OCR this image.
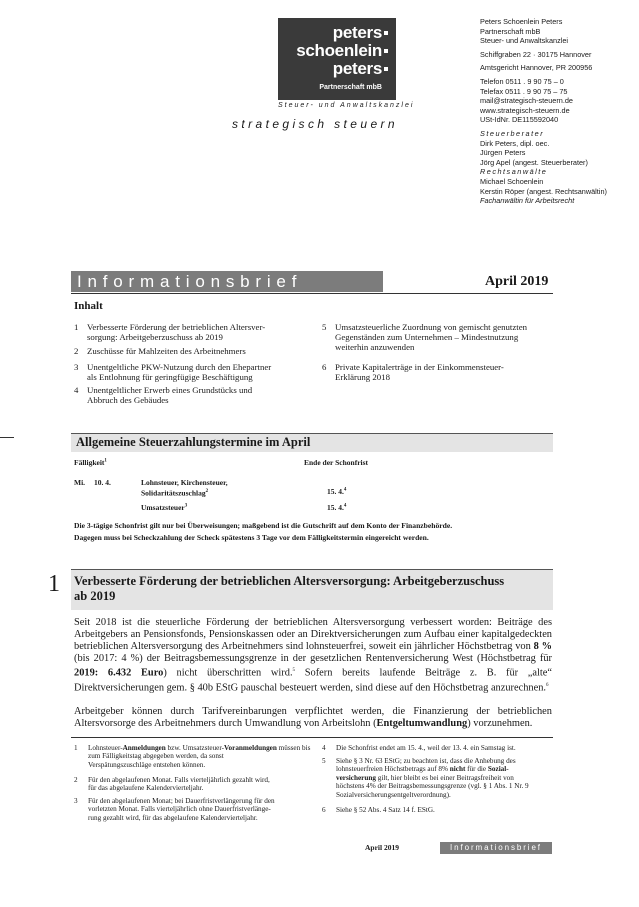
peters
schoenlein
peters
Partnerschaft mbB
Steuer- und Anwaltskanzlei
strategisch steuern
Peters Schoenlein Peters
Partnerschaft mbB
Steuer- und Anwaltskanzlei
Schiffgraben 22 · 30175 Hannover
Amtsgericht Hannover, PR 200956
Telefon 0511 . 9 90 75 – 0
Telefax 0511 . 9 90 75 – 75
mail@strategisch-steuern.de
www.strategisch-steuern.de
USt-IdNr. DE115592040
Steuerberater
Dirk Peters, dipl. oec.
Jürgen Peters
Jörg Apel (angest. Steuerberater)
Rechtsanwälte
Michael Schoenlein
Kerstin Röper (angest. Rechtsanwältin)
Fachanwältin für Arbeitsrecht
Informationsbrief	April 2019
Inhalt
1 Verbesserte Förderung der betrieblichen Altersver-
sorgung: Arbeitgeberzuschuss ab 2019
2 Zuschüsse für Mahlzeiten des Arbeitnehmers
3 Unentgeltliche PKW-Nutzung durch den Ehepartner
als Entlohnung für geringfügige Beschäftigung
4 Unentgeltlicher Erwerb eines Grundstücks und
Abbruch des Gebäudes
5 Umsatzsteuerliche Zuordnung von gemischt genutzten
Gegenständen zum Unternehmen – Mindestnutzung
weiterhin anzuwenden
6 Private Kapitalerträge in der Einkommensteuer-
Erklärung 2018
Allgemeine Steuerzahlungstermine im April
Fälligkeit$^1$	Ende der Schonfrist
Mi. 10. 4.	Lohnsteuer, Kirchensteuer,
Solidaritätszuschlag$^2$	15. 4.$^4$
Umsatzsteuer$^3$	15. 4.$^4$
Die 3-tägige Schonfrist gilt nur bei Überweisungen; maßgebend ist die Gutschrift auf dem Konto der Finanzbehörde.
Dagegen muss bei Scheckzahlung der Scheck spätestens 3 Tage vor dem Fälligkeitstermin eingereicht werden.
1 Verbesserte Förderung der betrieblichen Altersversorgung: Arbeitgeberzuschuss
ab 2019
Seit 2018 ist die steuerliche Förderung der betrieblichen Altersversorgung verbessert worden: Beiträge des Arbeitgebers an Pensionsfonds, Pensionskassen oder an Direktversicherungen zum Aufbau einer kapitalgedeckten betrieblichen Altersversorgung des Arbeitnehmers sind lohnsteuerfrei, soweit ein jährlicher Höchstbetrag von 8 % (bis 2017: 4 %) der Beitragsbemessungsgrenze in der gesetzlichen Rentenversicherung West (Höchstbetrag für 2019: 6.432 Euro) nicht überschritten wird.$^5$ Sofern bereits laufende Beiträge z. B. für „alte“ Direktversicherungen gem. § 40b EStG pauschal besteuert werden, sind diese auf den Höchstbetrag anzurechnen.$^6$
Arbeitgeber können durch Tarifvereinbarungen verpflichtet werden, die Finanzierung der betrieblichen Altersvorsorge des Arbeitnehmers durch Umwandlung von Arbeitslohn (Entgeltumwandlung) vorzunehmen.
1 Lohnsteuer-Anmeldungen bzw. Umsatzsteuer-Voranmeldungen müssen bis zum Fälligkeitstag abgegeben werden, da sonst
Verspätungszuschläge entstehen können.
2 Für den abgelaufenen Monat. Falls vierteljährlich gezahlt wird,
für das abgelaufene Kalendervierteljahr.
3 Für den abgelaufenen Monat; bei Dauerfristverlängerung für den
vorletzten Monat. Falls vierteljährlich ohne Dauerfristverlänge-
rung gezahlt wird, für das abgelaufene Kalendervierteljahr.
4 Die Schonfrist endet am 15. 4., weil der 13. 4. ein Samstag ist.
5 Siehe § 3 Nr. 63 EStG; zu beachten ist, dass die Anhebung des
lohnsteuerfreien Höchstbetrags auf 8% nicht für die Sozial-
versicherung gilt, hier bleibt es bei einer Beitragsfreiheit von
höchstens 4% der Beitragsbemessungsgrenze (vgl. § 1 Abs. 1 Nr. 9
Sozialversicherungsentgeltverordnung).
6 Siehe § 52 Abs. 4 Satz 14 f. EStG.
April 2019	Informationsbrief
